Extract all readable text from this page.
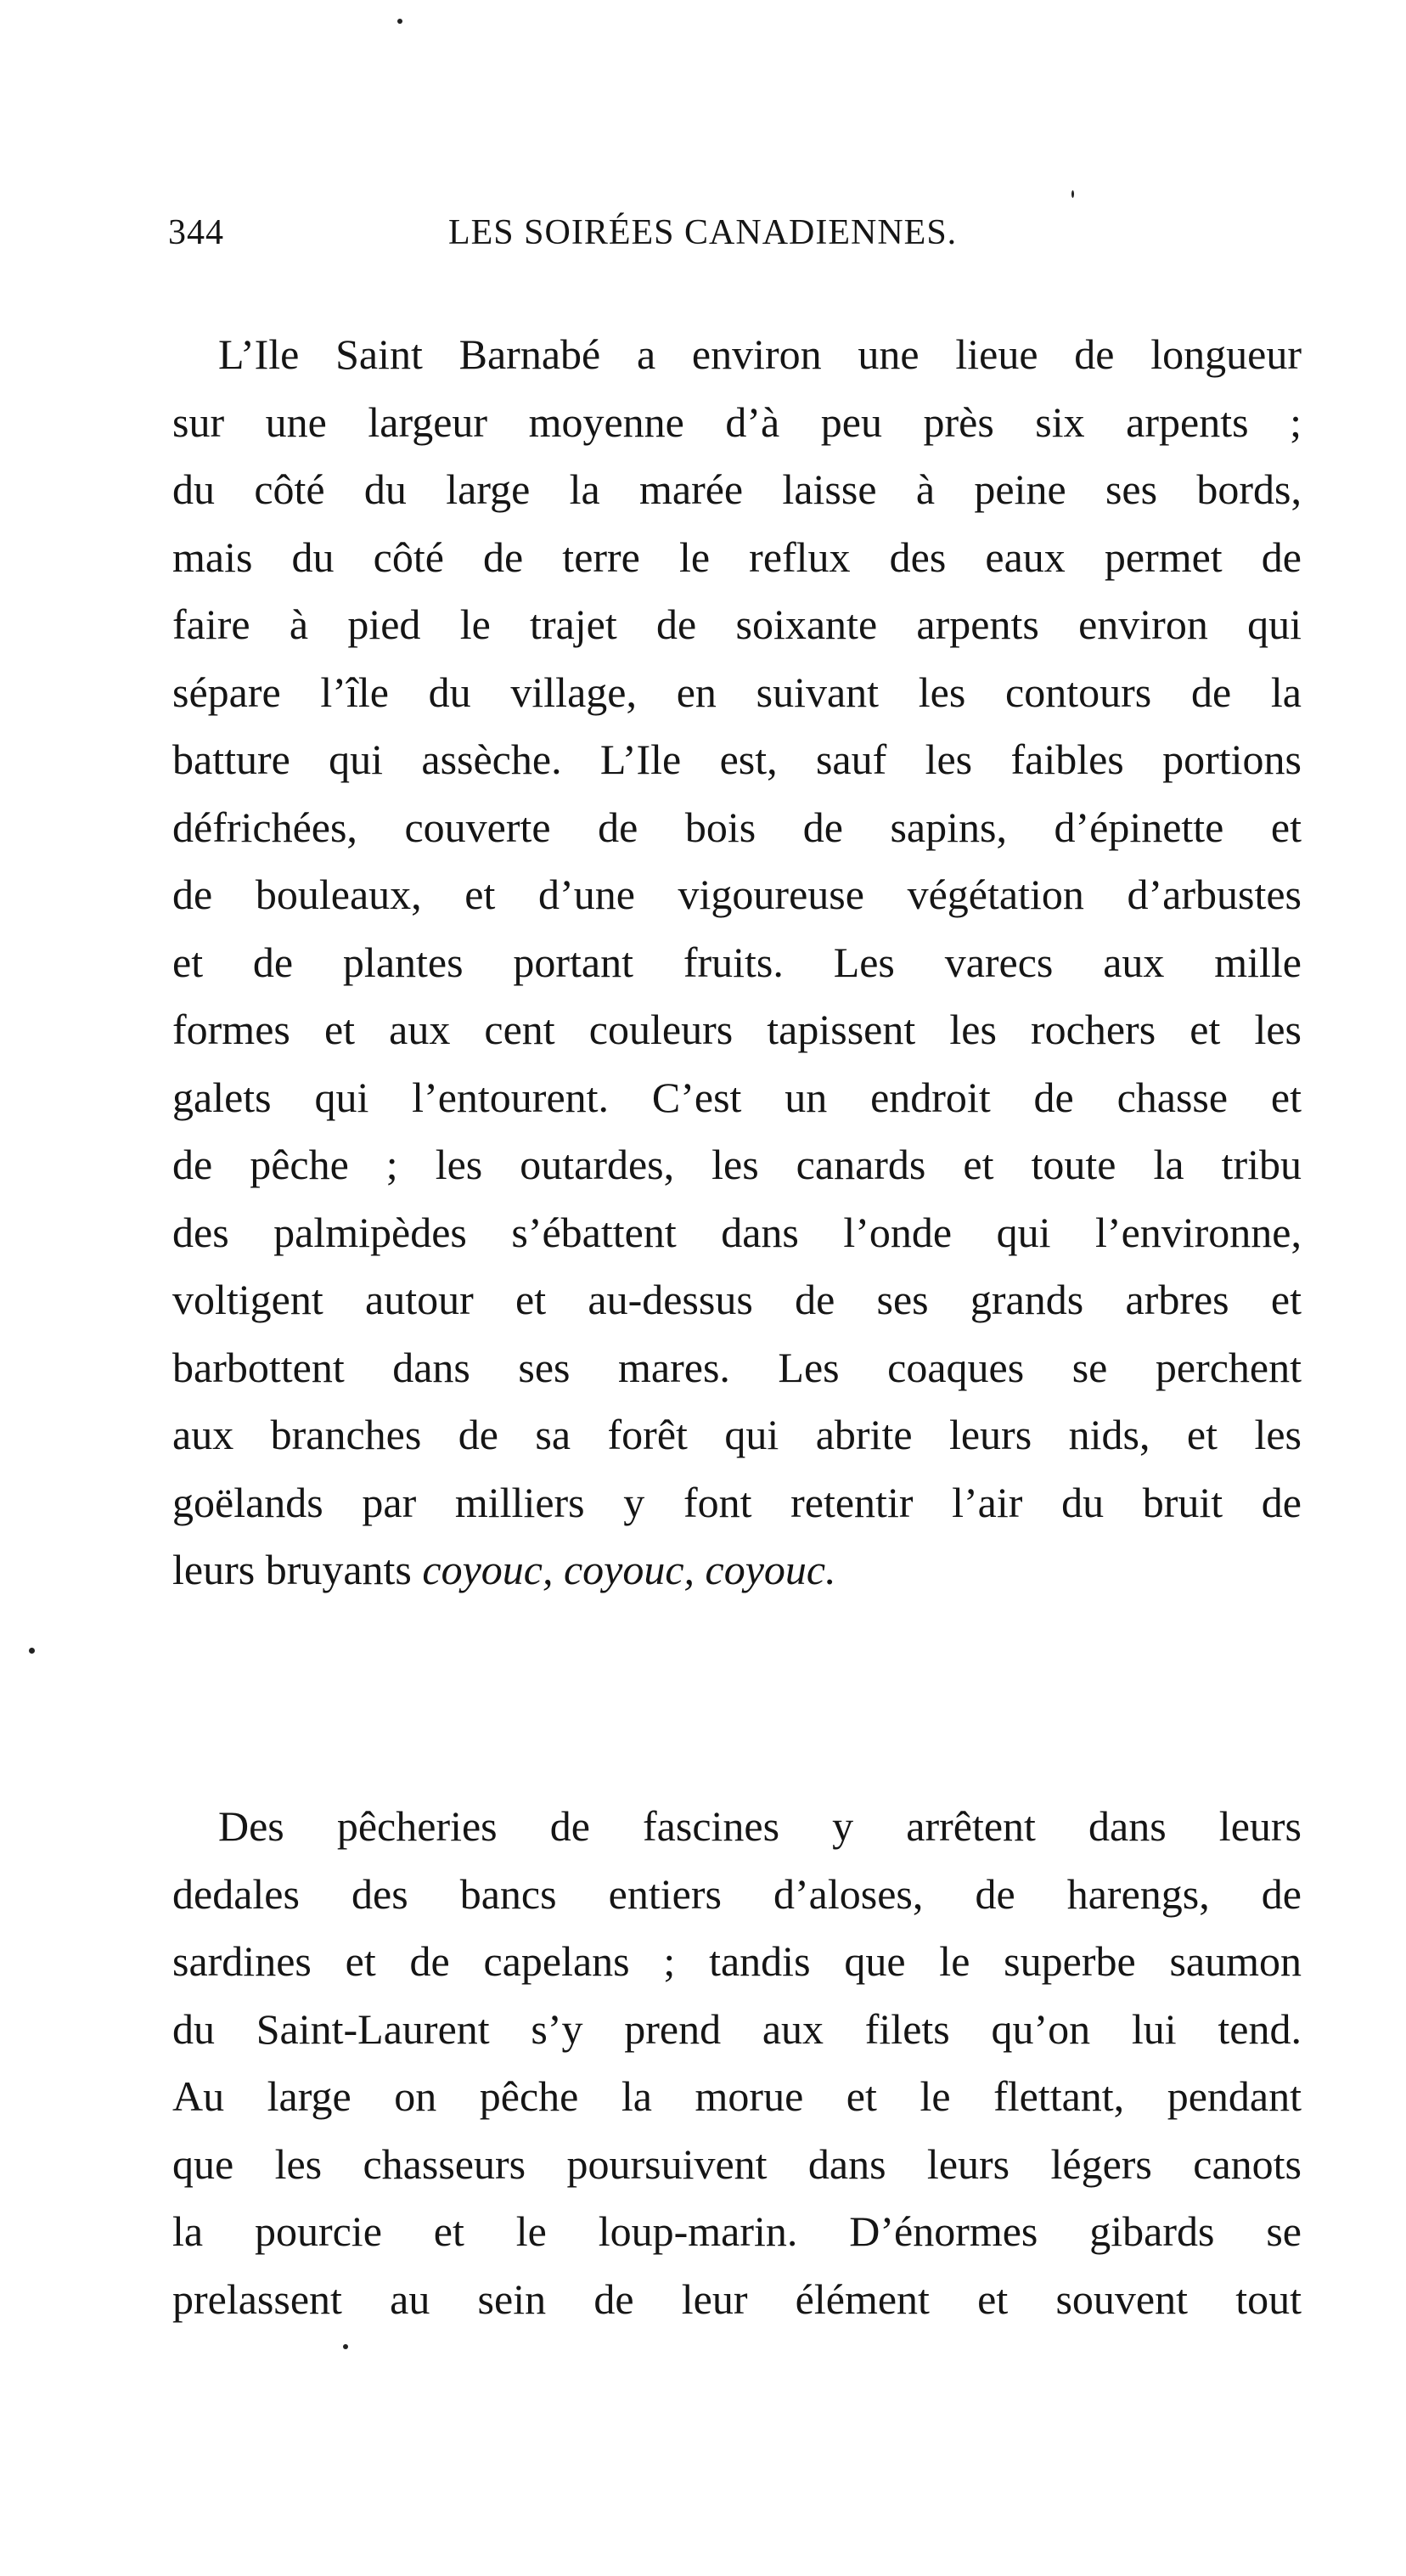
344	LES SOIRÉES CANADIENNES.
L’Ile Saint Barnabé a environ une lieue de longueur
sur une largeur moyenne d’à peu près six arpents ;
du côté du large la marée laisse à peine ses bords,
mais du côté de terre le reflux des eaux permet de
faire à pied le trajet de soixante arpents environ qui
sépare l’île du village, en suivant les contours de la
batture qui assèche. L’Ile est, sauf les faibles portions
défrichées, couverte de bois de sapins, d’épinette et
de bouleaux, et d’une vigoureuse végétation d’arbustes
et de plantes portant fruits. Les varecs aux mille
formes et aux cent couleurs tapissent les rochers et les
galets qui l’entourent. C’est un endroit de chasse et
de pêche ; les outardes, les canards et toute la tribu
des palmipèdes s’ébattent dans l’onde qui l’environne,
voltigent autour et au-dessus de ses grands arbres et
barbottent dans ses mares. Les coaques se perchent
aux branches de sa forêt qui abrite leurs nids, et les
goëlands par milliers y font retentir l’air du bruit de
leurs bruyants coyouc, coyouc, coyouc.
Des pêcheries de fascines y arrêtent dans leurs
dedales des bancs entiers d’aloses, de harengs, de
sardines et de capelans ; tandis que le superbe saumon
du Saint-Laurent s’y prend aux filets qu’on lui tend.
Au large on pêche la morue et le flettant, pendant
que les chasseurs poursuivent dans leurs légers canots
la pourcie et le loup-marin. D’énormes gibards se
prelassent au sein de leur élément et souvent tout
